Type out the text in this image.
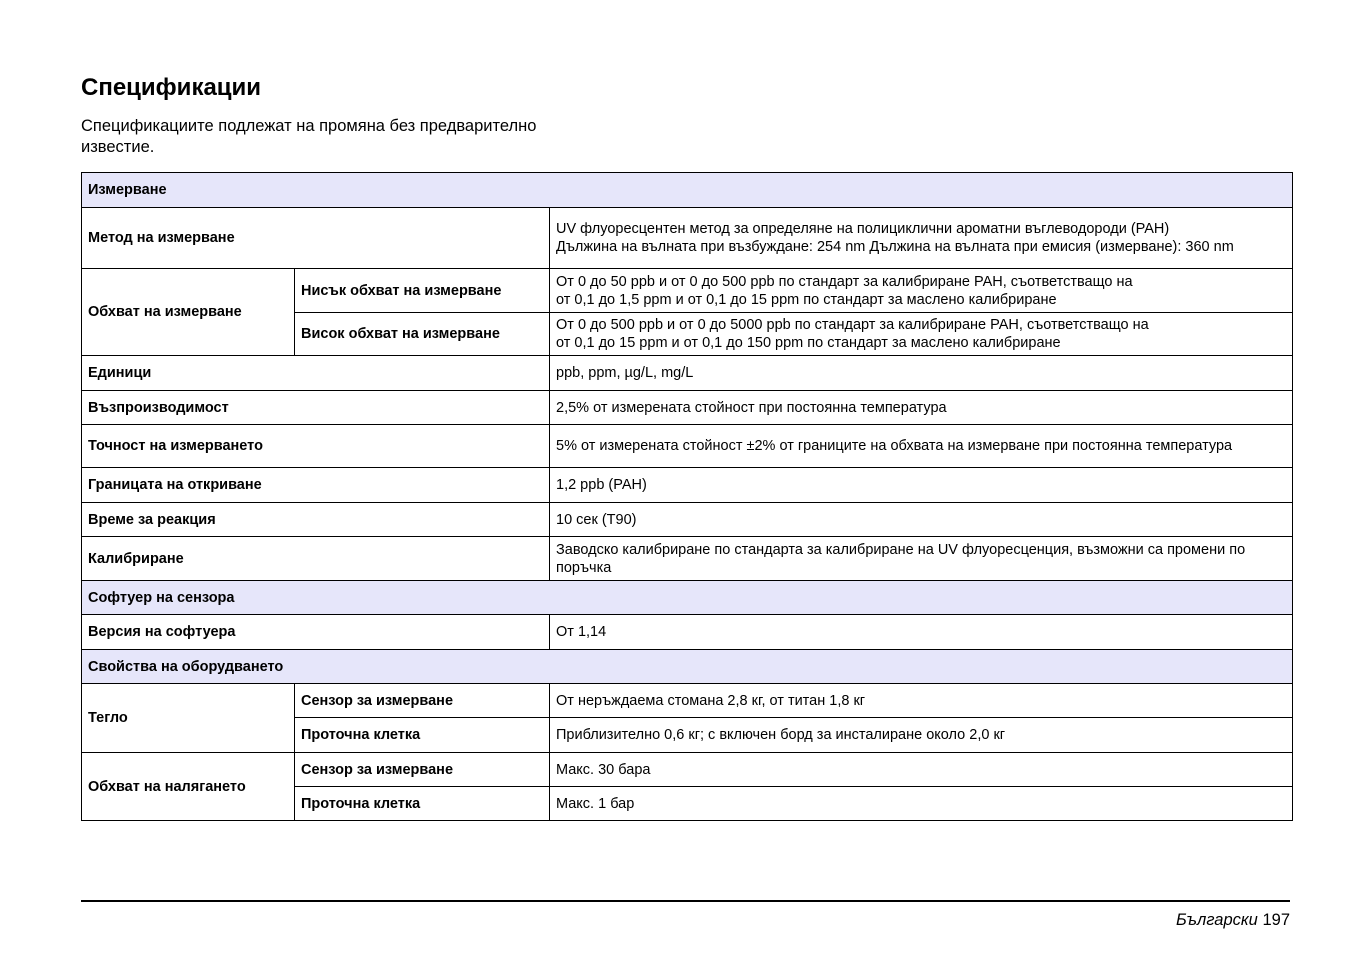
Спецификации

Спецификациите подлежат на промяна без предварително известие.

Измерване		
Метод на измерване		UV флуоресцентен метод за определяне на полициклични ароматни въглеводороди (PAH)
Дължина на вълната при възбуждане: 254 nm Дължина на вълната при емисия (измерване): 360 nm

Обхват на измерване	Нисък обхват на измерване	От 0 до 50 ppb и от 0 до 500 ppb по стандарт за калибриране PAH, съответстващо на
от 0,1 до 1,5 ppm и от 0,1 до 15 ppm по стандарт за маслено калибриране

	Висок обхват на измерване	От 0 до 500 ppb и от 0 до 5000 ppb по стандарт за калибриране PAH, съответстващо на
от 0,1 до 15 ppm и от 0,1 до 150 ppm по стандарт за маслено калибриране

Единици		ppb, ppm, µg/L, mg/L
Възпроизводимост		2,5% от измерената стойност при постоянна температура
Точност на измерването		5% от измерената стойност ±2% от границите на обхвата на измерване при постоянна температура
Границата на откриване		1,2 ppb (PAH)
Време за реакция		10 сек (T90)
Калибриране		Заводско калибриране по стандарта за калибриране на UV флуоресценция, възможни са промени по поръчка
Софтуер на сензора		
Версия на софтуера		От 1,14
Свойства на оборудването		
Тегло	Сензор за измерване	От неръждаема стомана 2,8 кг, от титан 1,8 кг
	Проточна клетка	Приблизително 0,6 кг; с включен борд за инсталиране около 2,0 кг
Обхват на налягането	Сензор за измерване	Макс. 30 бара
	Проточна клетка	Макс. 1 бар
Български 197
